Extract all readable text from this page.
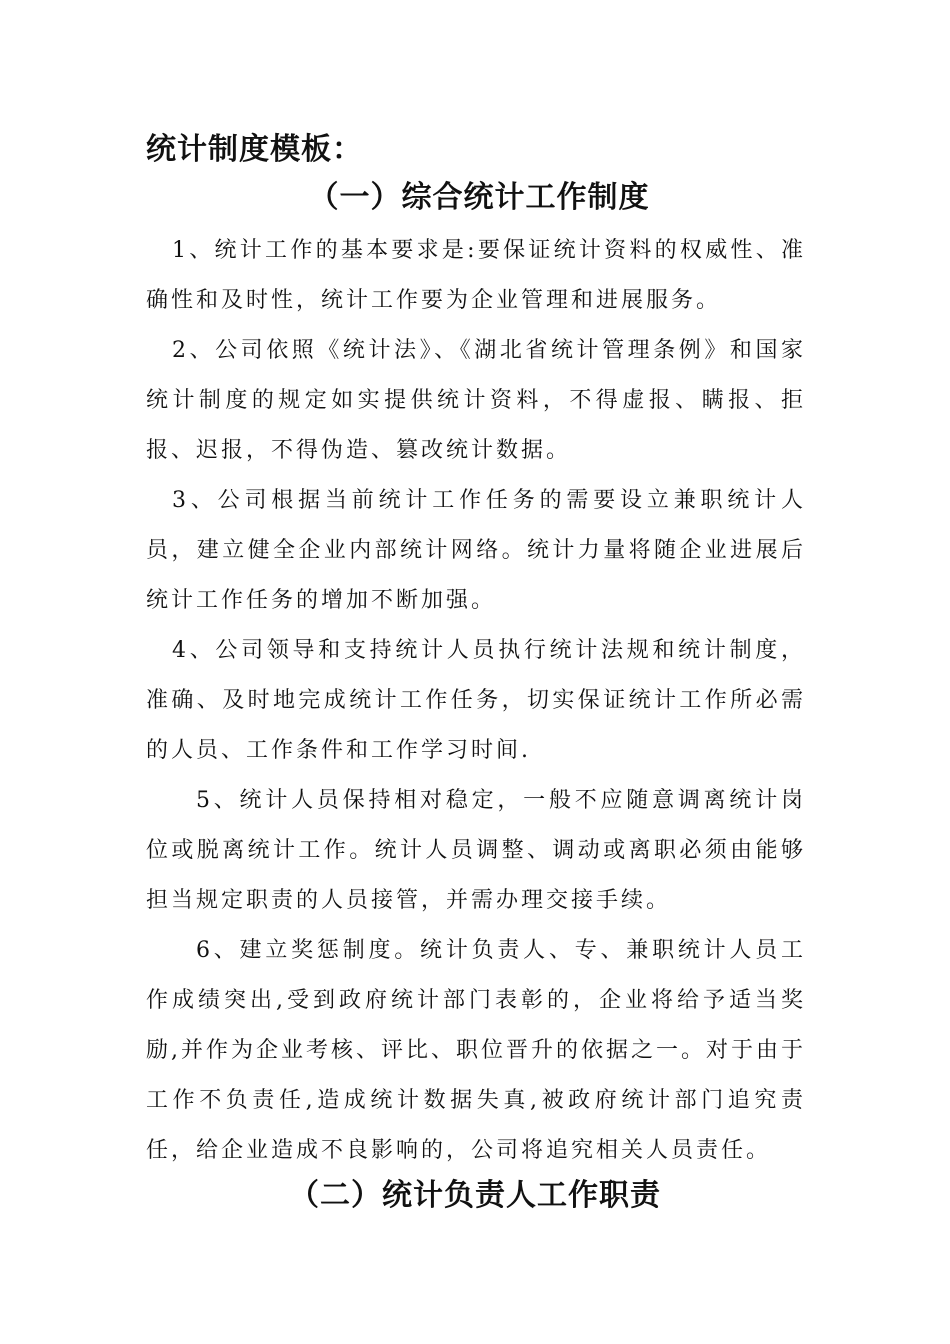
统计制度模板：
（一）综合统计工作制度

1、统计工作的基本要求是:要保证统计资料的权威性、准确性和及时性，统计工作要为企业管理和进展服务。

2、公司依照《统计法》、《湖北省统计管理条例》和国家统计制度的规定如实提供统计资料，不得虚报、瞒报、拒报、迟报，不得伪造、篡改统计数据。

3、公司根据当前统计工作任务的需要设立兼职统计人员，建立健全企业内部统计网络。统计力量将随企业进展后统计工作任务的增加不断加强。

4、公司领导和支持统计人员执行统计法规和统计制度，准确、及时地完成统计工作任务，切实保证统计工作所必需的人员、工作条件和工作学习时间.

5、统计人员保持相对稳定，一般不应随意调离统计岗位或脱离统计工作。统计人员调整、调动或离职必须由能够担当规定职责的人员接管，并需办理交接手续。

6、建立奖惩制度。统计负责人、专、兼职统计人员工作成绩突出,受到政府统计部门表彰的，企业将给予适当奖励,并作为企业考核、评比、职位晋升的依据之一。对于由于工作不负责任,造成统计数据失真,被政府统计部门追究责任，给企业造成不良影响的，公司将追究相关人员责任。

（二）统计负责人工作职责
